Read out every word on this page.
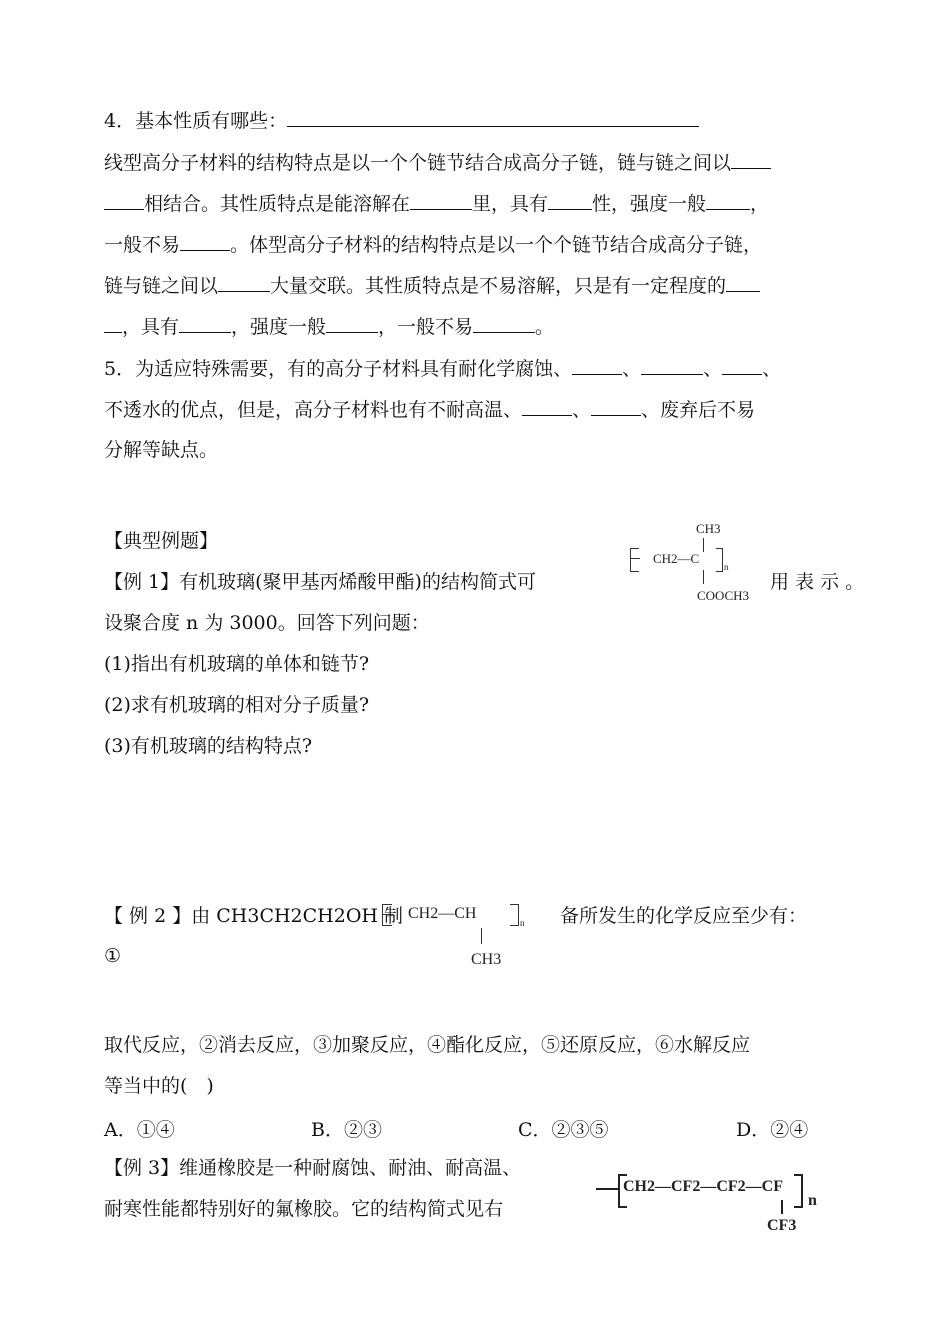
4．基本性质有哪些：
线型高分子材料的结构特点是以一个个链节结合成高分子链，链与链之间以
相结合。其性质特点是能溶解在	里，具有 性，强度一般 ，
一般不易	。体型高分子材料的结构特点是以一个个链节结合成高分子链，
链与链之间以	大量交联。其性质特点是不易溶解，只是有一定程度的
，具有	，强度一般	，一般不易	。
5．为适应特殊需要，有的高分子材料具有耐化学腐蚀、	、	、 、
不透水的优点，但是，高分子材料也有不耐高温、	、	、废弃后不易
分解等缺点。
【典型例题】
【例 1】有机玻璃(聚甲基丙烯酸甲酯)的结构简式可	用 表 示 。
CH3
CH2—C
n
COOCH3
设聚合度 n 为 3000。回答下列问题：
(1)指出有机玻璃的单体和链节?
(2)求有机玻璃的相对分子质量?
(3)有机玻璃的结构特点?
【 例 2 】由 CH3CH2CH2OH 制	备所发生的化学反应至少有：
CH2—CH
n
CH3
①
取代反应，②消去反应，③加聚反应，④酯化反应，⑤还原反应，⑥水解反应
等当中的(　)
A．①④	B．②③	C．②③⑤	D．②④
【例 3】维通橡胶是一种耐腐蚀、耐油、耐高温、
耐寒性能都特别好的氟橡胶。它的结构简式见右
CH2—CF2—CF2—CF
n
CF3
